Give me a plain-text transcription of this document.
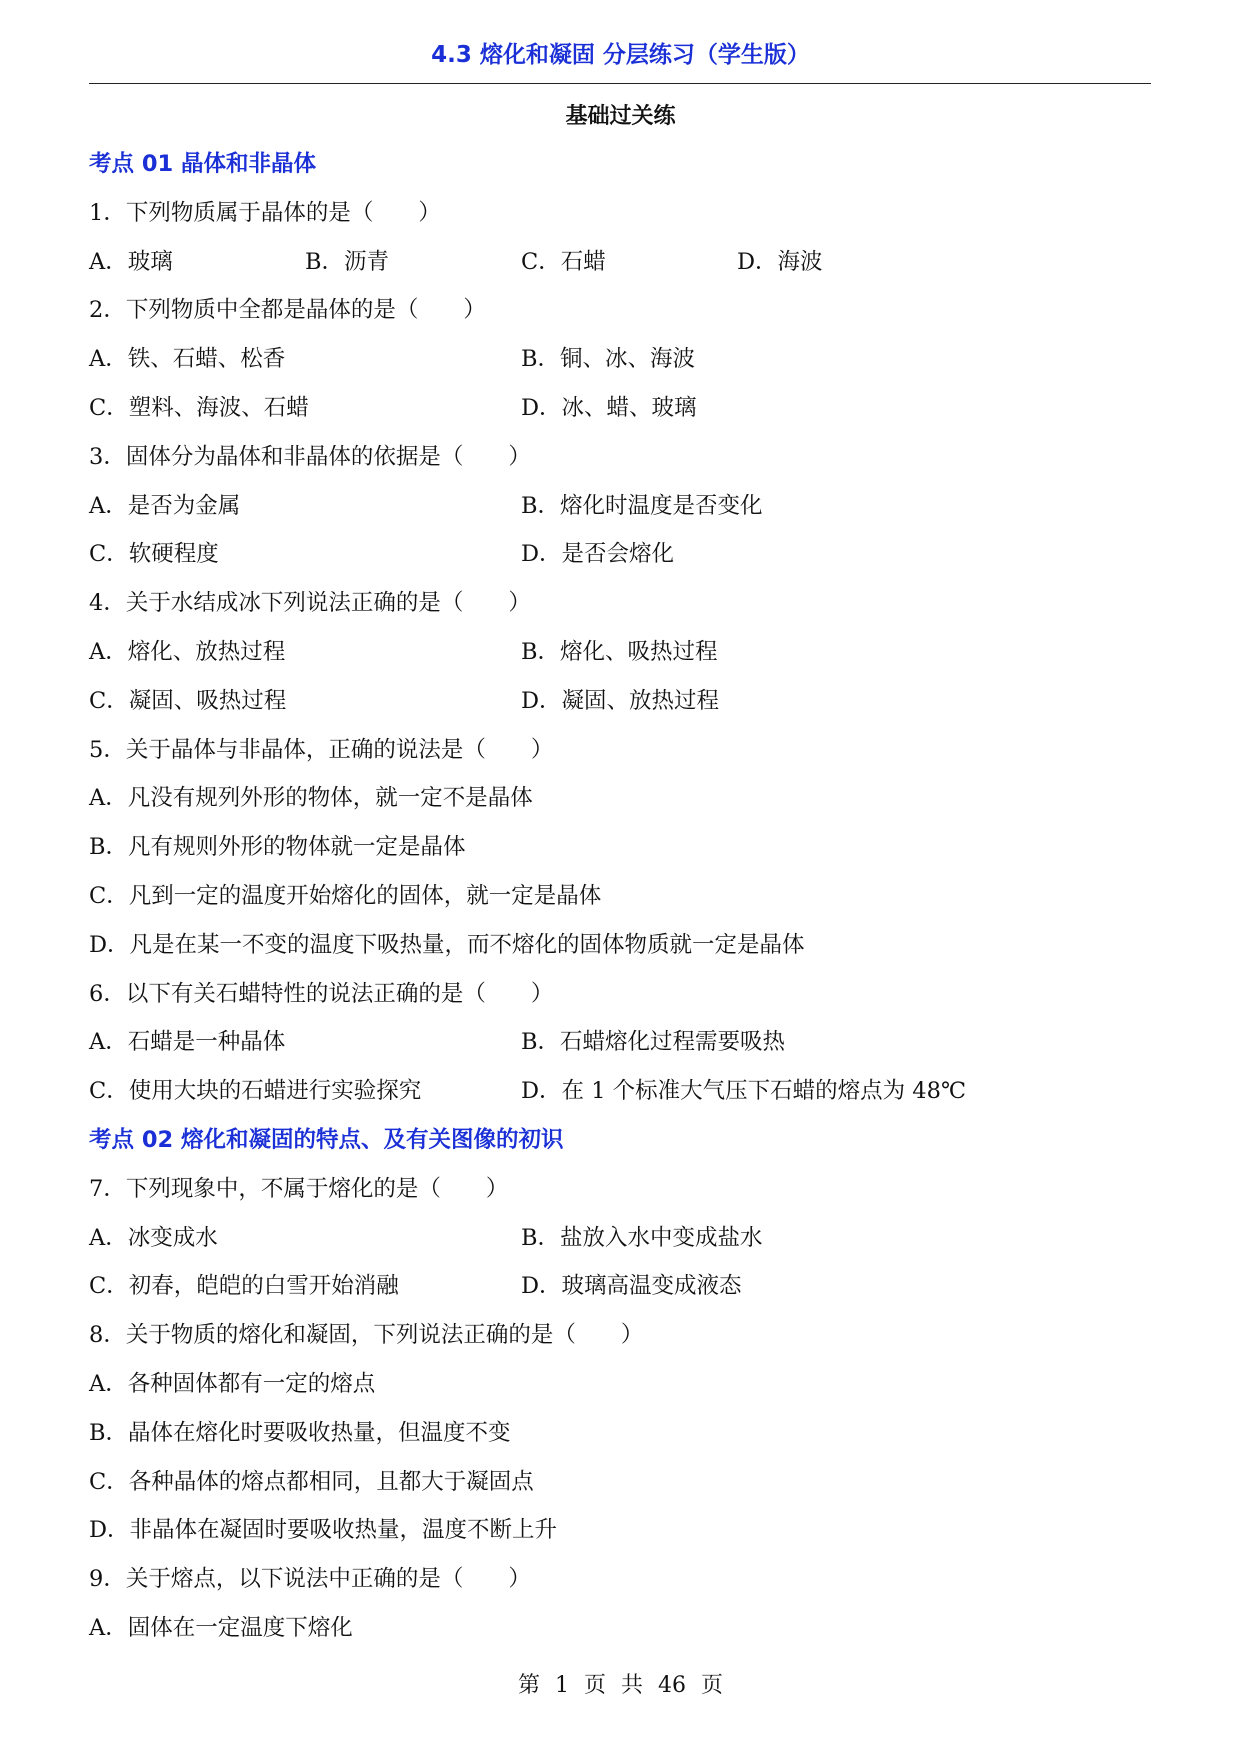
4.3 熔化和凝固 分层练习（学生版）
基础过关练
考点 01 晶体和非晶体
1．下列物质属于晶体的是（　　）
A．玻璃	B．沥青	C．石蜡	D．海波
2．下列物质中全都是晶体的是（　　）
A．铁、石蜡、松香	B．铜、冰、海波
C．塑料、海波、石蜡	D．冰、蜡、玻璃
3．固体分为晶体和非晶体的依据是（　　）
A．是否为金属	B．熔化时温度是否变化
C．软硬程度	D．是否会熔化
4．关于水结成冰下列说法正确的是（　　）
A．熔化、放热过程	B．熔化、吸热过程
C．凝固、吸热过程	D．凝固、放热过程
5．关于晶体与非晶体，正确的说法是（　　）
A．凡没有规列外形的物体，就一定不是晶体
B．凡有规则外形的物体就一定是晶体
C．凡到一定的温度开始熔化的固体，就一定是晶体
D．凡是在某一不变的温度下吸热量，而不熔化的固体物质就一定是晶体
6．以下有关石蜡特性的说法正确的是（　　）
A．石蜡是一种晶体	B．石蜡熔化过程需要吸热
C．使用大块的石蜡进行实验探究	D．在 1 个标准大气压下石蜡的熔点为 48℃
考点 02 熔化和凝固的特点、及有关图像的初识
7．下列现象中，不属于熔化的是（　　）
A．冰变成水	B．盐放入水中变成盐水
C．初春，皑皑的白雪开始消融	D．玻璃高温变成液态
8．关于物质的熔化和凝固，下列说法正确的是（　　）
A．各种固体都有一定的熔点
B．晶体在熔化时要吸收热量，但温度不变
C．各种晶体的熔点都相同，且都大于凝固点
D．非晶体在凝固时要吸收热量，温度不断上升
9．关于熔点，以下说法中正确的是（　　）
A．固体在一定温度下熔化
第 1 页 共 46 页
